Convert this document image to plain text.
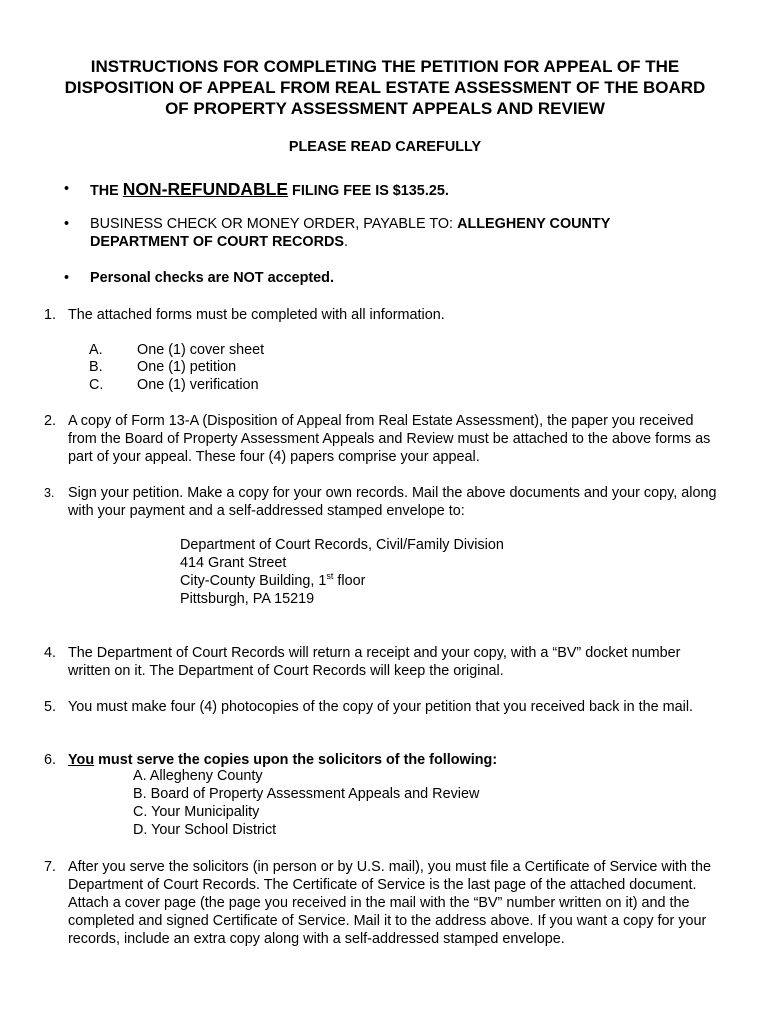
INSTRUCTIONS FOR COMPLETING THE PETITION FOR APPEAL OF THE
DISPOSITION OF APPEAL FROM REAL ESTATE ASSESSMENT OF THE BOARD
OF PROPERTY ASSESSMENT APPEALS AND REVIEW
PLEASE READ CAREFULLY
• THE NON-REFUNDABLE FILING FEE IS $135.25.
• BUSINESS CHECK OR MONEY ORDER, PAYABLE TO: ALLEGHENY COUNTY
DEPARTMENT OF COURT RECORDS.
• Personal checks are NOT accepted.
1. The attached forms must be completed with all information.
A.	One (1) cover sheet
B.	One (1) petition
C.	One (1) verification
2. A copy of Form 13-A (Disposition of Appeal from Real Estate Assessment), the paper you received from the Board of Property Assessment Appeals and Review must be attached to the above forms as part of your appeal. These four (4) papers comprise your appeal.
3. Sign your petition. Make a copy for your own records. Mail the above documents and your copy, along with your payment and a self-addressed stamped envelope to:
Department of Court Records, Civil/Family Division
414 Grant Street
City-County Building, 1st floor
Pittsburgh, PA 15219
4. The Department of Court Records will return a receipt and your copy, with a “BV” docket number written on it. The Department of Court Records will keep the original.
5. You must make four (4) photocopies of the copy of your petition that you received back in the mail.
6. You must serve the copies upon the solicitors of the following:
A. Allegheny County
B. Board of Property Assessment Appeals and Review
C. Your Municipality
D. Your School District
7. After you serve the solicitors (in person or by U.S. mail), you must file a Certificate of Service with the Department of Court Records. The Certificate of Service is the last page of the attached document. Attach a cover page (the page you received in the mail with the “BV” number written on it) and the completed and signed Certificate of Service. Mail it to the address above. If you want a copy for your records, include an extra copy along with a self-addressed stamped envelope.
